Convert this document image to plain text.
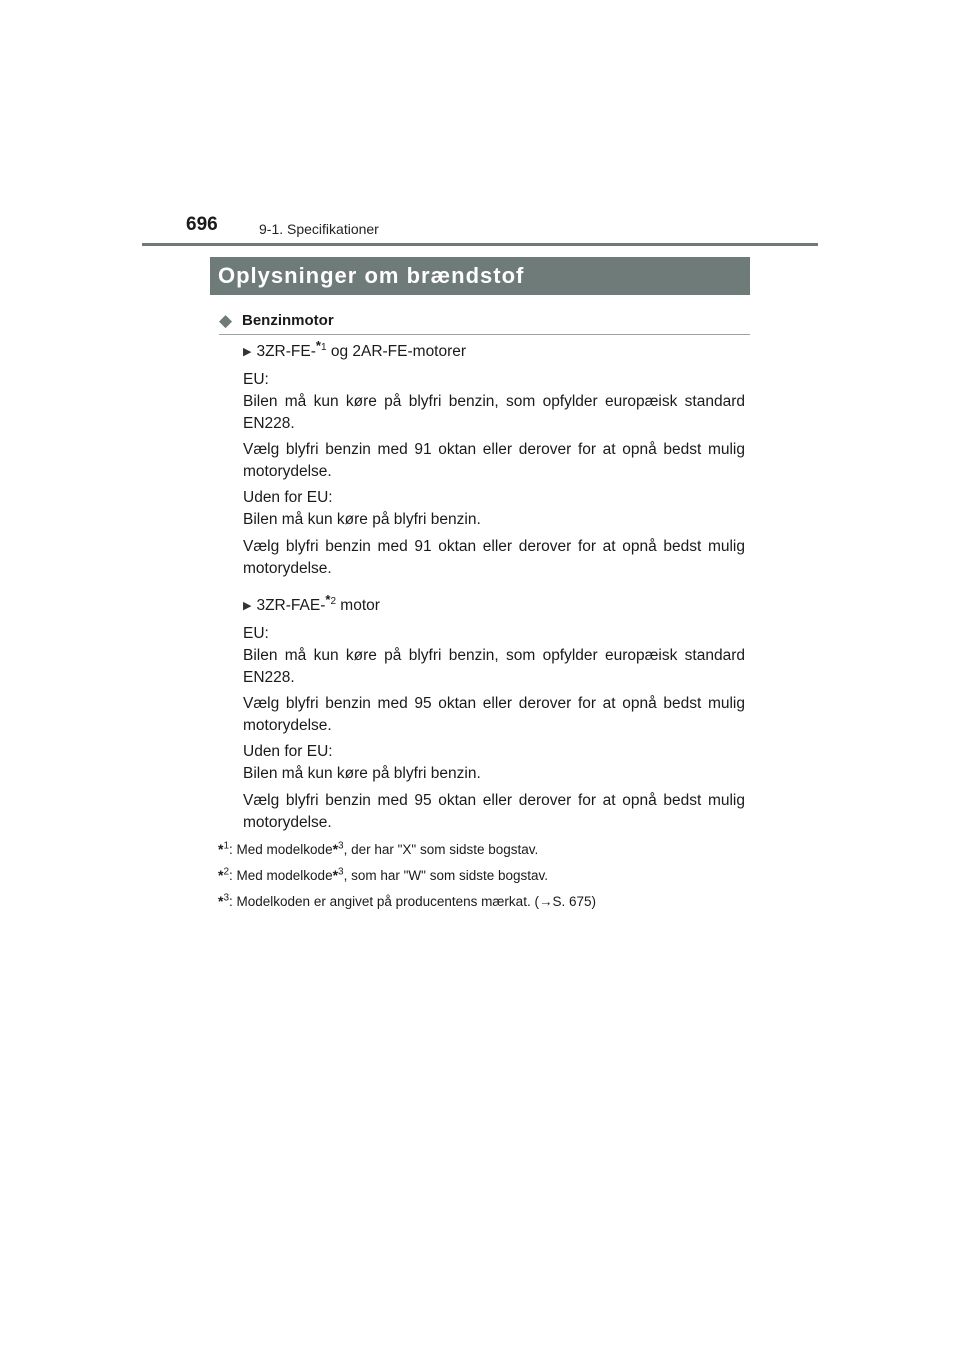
696	9-1. Specifikationer
Oplysninger om brændstof
◆ Benzinmotor
▶ 3ZR-FE-$^{*1}$ og 2AR-FE-motorer

EU:

Bilen må kun køre på blyfri benzin, som opfylder europæisk standard EN228.

Vælg blyfri benzin med 91 oktan eller derover for at opnå bedst mulig motorydelse.

Uden for EU:

Bilen må kun køre på blyfri benzin.

Vælg blyfri benzin med 91 oktan eller derover for at opnå bedst mulig motorydelse.

▶ 3ZR-FAE-$^{*2}$ motor

EU:

Bilen må kun køre på blyfri benzin, som opfylder europæisk standard EN228.

Vælg blyfri benzin med 95 oktan eller derover for at opnå bedst mulig motorydelse.

Uden for EU:

Bilen må kun køre på blyfri benzin.

Vælg blyfri benzin med 95 oktan eller derover for at opnå bedst mulig motorydelse.

*$^1$: Med modelkode*$^3$, der har "X" som sidste bogstav.
*$^2$: Med modelkode*$^3$, som har "W" som sidste bogstav.
*$^3$: Modelkoden er angivet på producentens mærkat. (→S. 675)
